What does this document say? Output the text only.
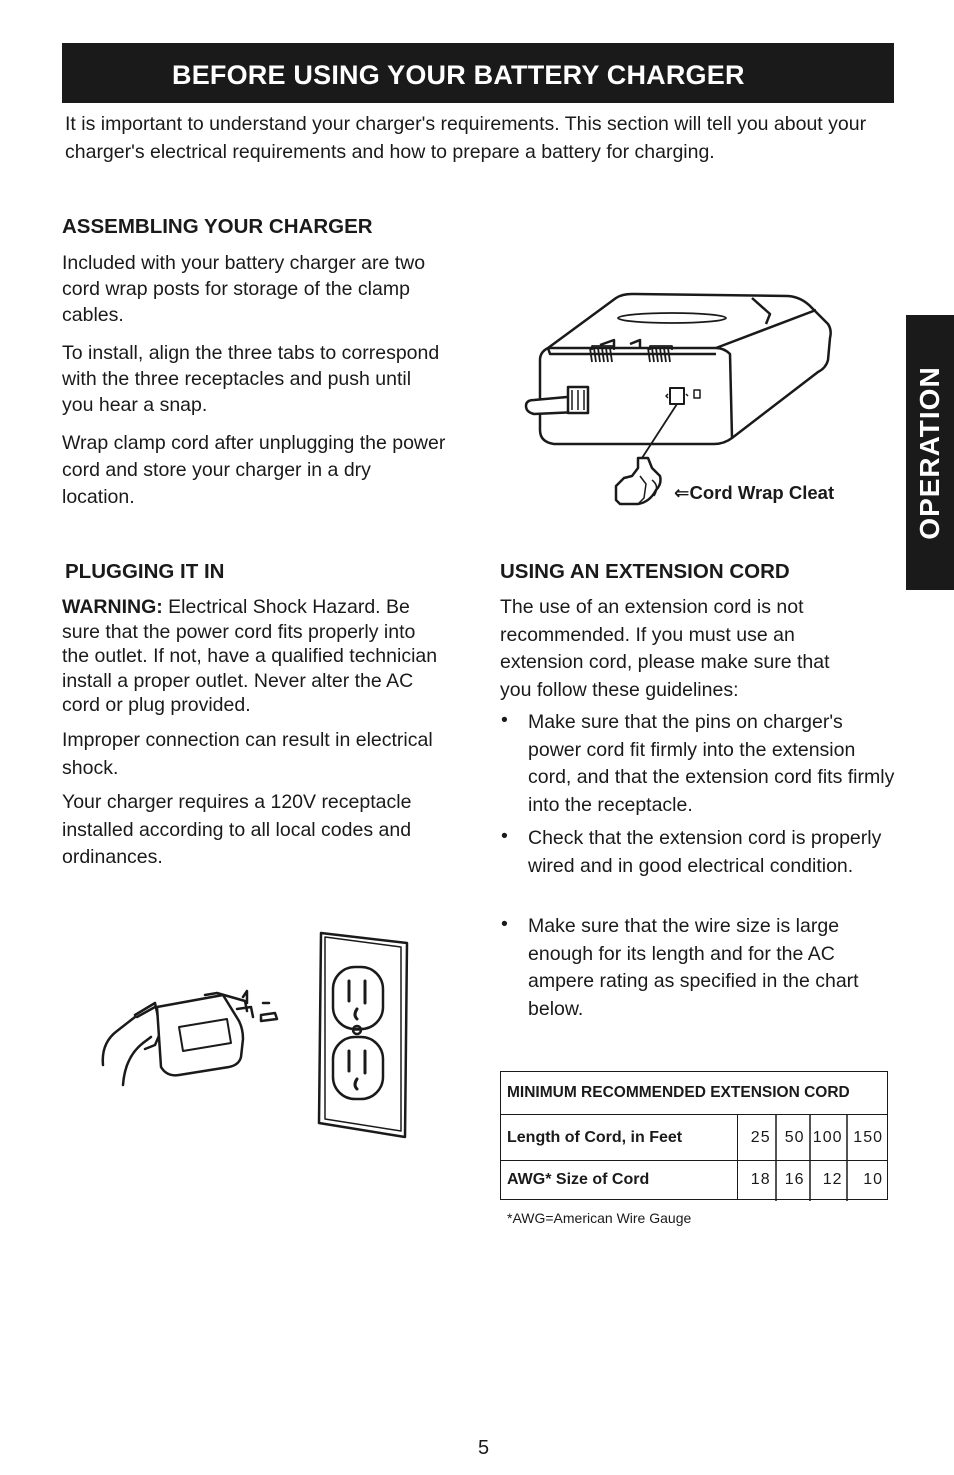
BEFORE USING YOUR BATTERY CHARGER

It is important to understand your charger's requirements. This section will tell you about your charger's electrical requirements and how to prepare a battery for charging.

OPERATION
ASSEMBLING YOUR CHARGER

Included with your battery charger are two cord wrap posts for storage of the clamp cables.

To install, align the three tabs to correspond with the three receptacles and push until you hear a snap.

Wrap clamp cord after unplugging the power cord and store your charger in a dry location.	⇐Cord Wrap Cleat
PLUGGING IT IN

WARNING: Electrical Shock Hazard. Be sure that the power cord fits properly into the outlet. If not, have a qualified technician install a proper outlet. Never alter the AC cord or plug provided.

Improper connection can result in electrical shock.

Your charger requires a 120V receptacle installed according to all local codes and ordinances.

USING AN EXTENSION CORD

The use of an extension cord is not recommended. If you must use an extension cord, please make sure that you follow these guidelines:

• Make sure that the pins on charger's power cord fit firmly into the extension cord, and that the extension cord fits firmly into the receptacle.
• Check that the extension cord is properly wired and in good electrical condition.
• Make sure that the wire size is large enough for its length and for the AC ampere rating as specified in the chart below.
MINIMUM RECOMMENDED EXTENSION CORD				
Length of Cord, in Feet	25	50	100	150
AWG* Size of Cord	18	16	12	10
*AWG=American Wire Gauge
5
